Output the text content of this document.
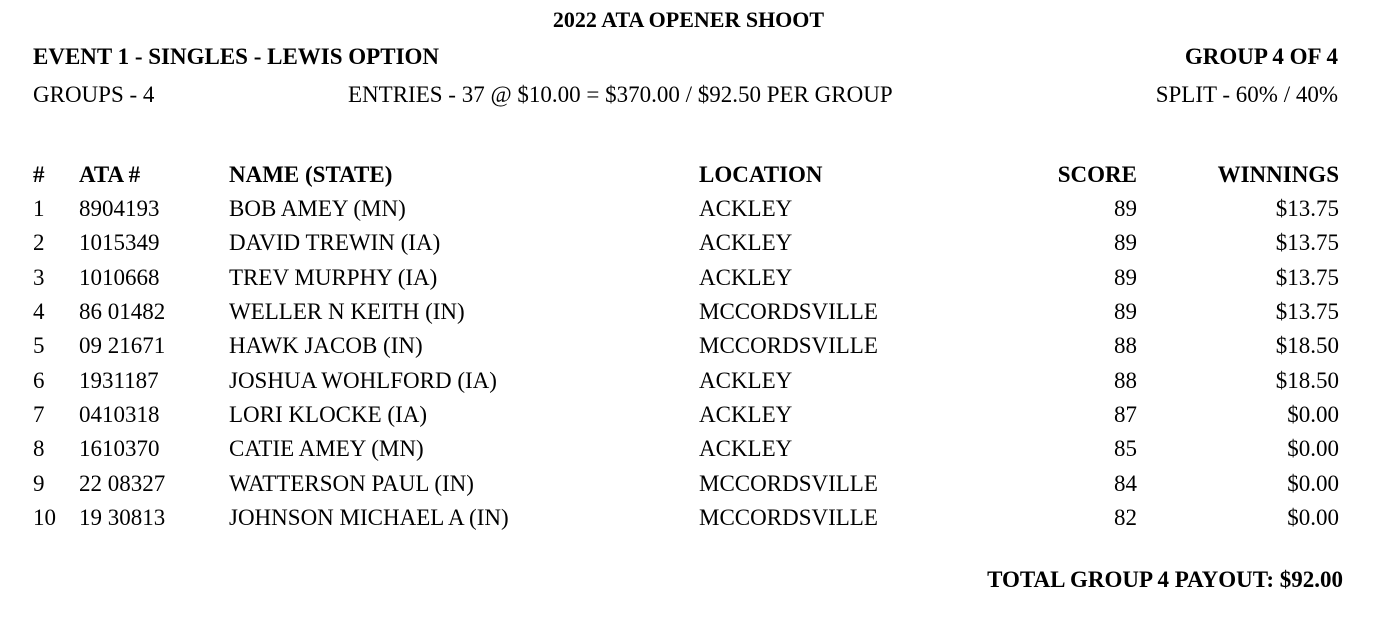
2022 ATA OPENER SHOOT
EVENT 1 - SINGLES - LEWIS OPTION	GROUP 4 OF 4
GROUPS - 4	ENTRIES - 37 @ $10.00 = $370.00 / $92.50 PER GROUP	SPLIT - 60% / 40%
#	ATA #	NAME (STATE)	LOCATION	SCORE	WINNINGS
1	8904193	BOB AMEY (MN)	ACKLEY	89	$13.75
2	1015349	DAVID TREWIN (IA)	ACKLEY	89	$13.75
3	1010668	TREV MURPHY (IA)	ACKLEY	89	$13.75
4	86 01482	WELLER N KEITH (IN)	MCCORDSVILLE	89	$13.75
5	09 21671	HAWK JACOB (IN)	MCCORDSVILLE	88	$18.50
6	1931187	JOSHUA WOHLFORD (IA)	ACKLEY	88	$18.50
7	0410318	LORI KLOCKE (IA)	ACKLEY	87	$0.00
8	1610370	CATIE AMEY (MN)	ACKLEY	85	$0.00
9	22 08327	WATTERSON PAUL (IN)	MCCORDSVILLE	84	$0.00
10	19 30813	JOHNSON MICHAEL A (IN)	MCCORDSVILLE	82	$0.00
TOTAL GROUP 4 PAYOUT: $92.00
